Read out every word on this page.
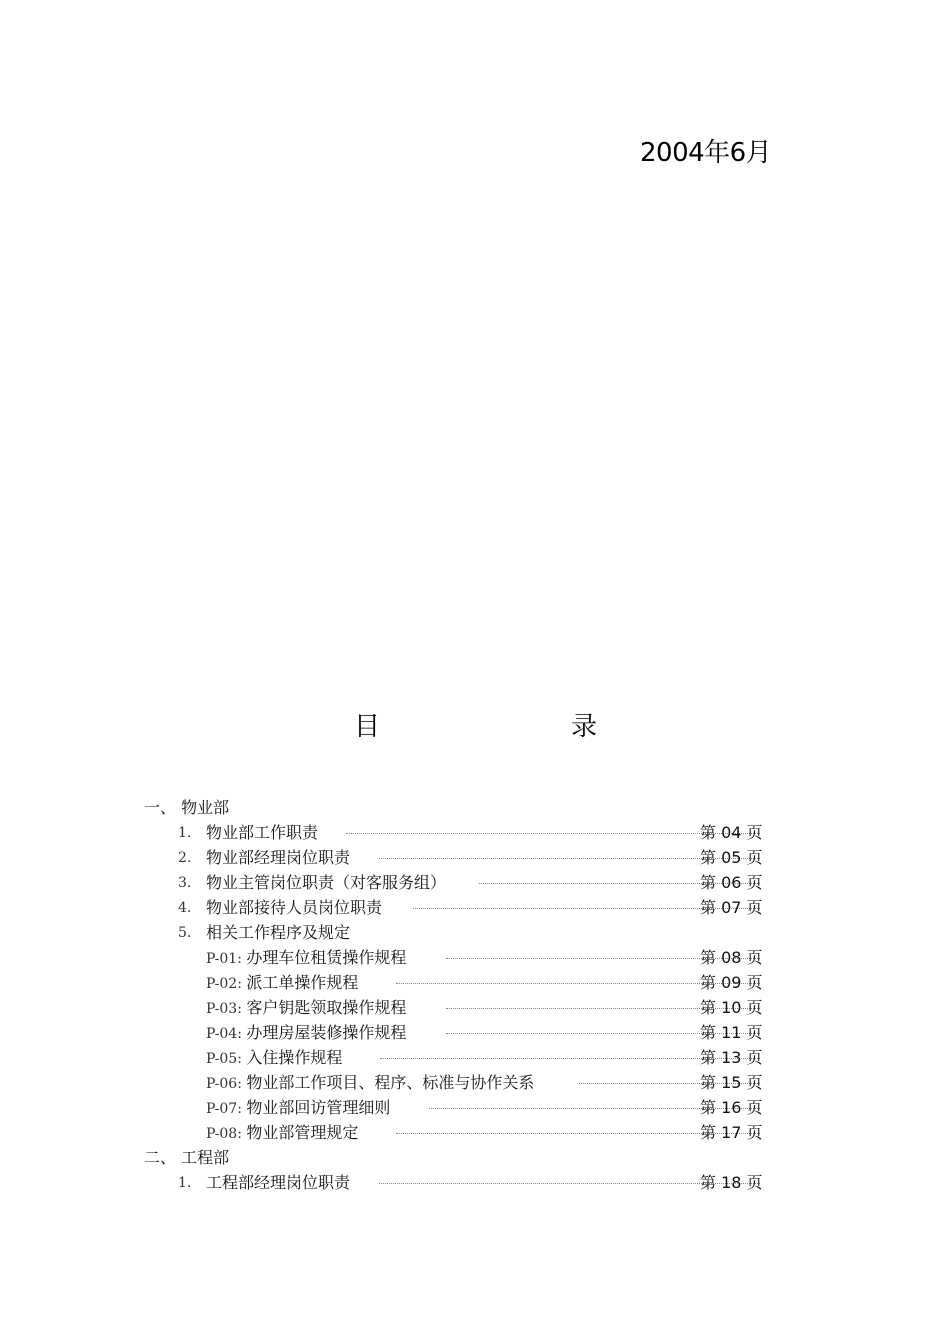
2004年6月
目	录
一、 物业部
1. 物业部工作职责	第 04 页
2. 物业部经理岗位职责	第 05 页
3. 物业主管岗位职责（对客服务组）	第 06 页
4. 物业部接待人员岗位职责	第 07 页
5. 相关工作程序及规定
P-01: 办理车位租赁操作规程	第 08 页
P-02: 派工单操作规程	第 09 页
P-03: 客户钥匙领取操作规程	第 10 页
P-04: 办理房屋装修操作规程	第 11 页
P-05: 入住操作规程	第 13 页
P-06: 物业部工作项目、程序、标准与协作关系	第 15 页
P-07: 物业部回访管理细则	第 16 页
P-08: 物业部管理规定	第 17 页
二、 工程部
1. 工程部经理岗位职责	第 18 页
